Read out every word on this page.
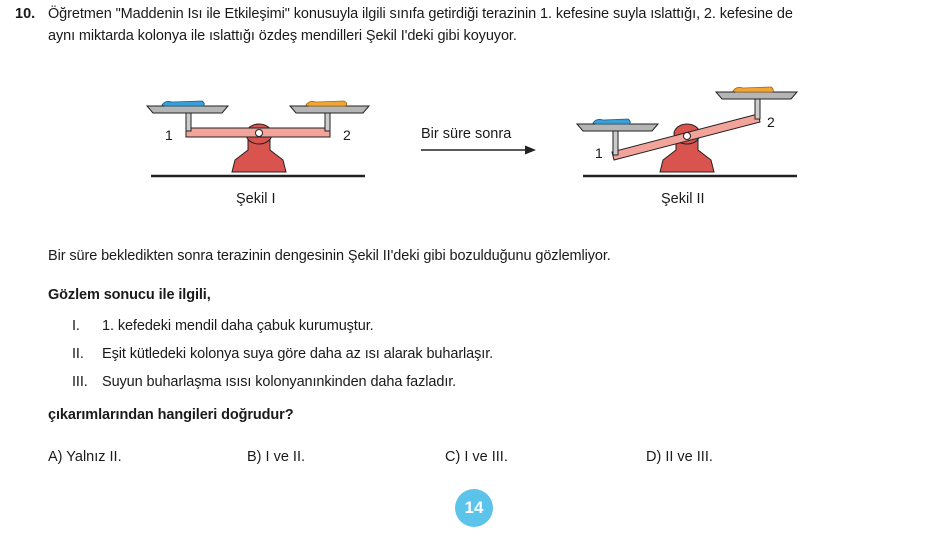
10. Öğretmen "Maddenin Isı ile Etkileşimi" konusuyla ilgili sınıfa getirdiği terazinin 1. kefesine suyla ıslattığı, 2. kefesine de
aynı miktarda kolonya ile ıslattığı özdeş mendilleri Şekil I'deki gibi koyuyor.
1	2	Bir süre sonra
1
2
Şekil I	Şekil II
Bir süre bekledikten sonra terazinin dengesinin Şekil II'deki gibi bozulduğunu gözlemliyor.
Gözlem sonucu ile ilgili,
I.	1. kefedeki mendil daha çabuk kurumuştur.
II.	Eşit kütledeki kolonya suya göre daha az ısı alarak buharlaşır.
III. Suyun buharlaşma ısısı kolonyanınkinden daha fazladır.
çıkarımlarından hangileri doğrudur?
A) Yalnız II.	B) I ve II.	C) I ve III.	D) II ve III.
14
